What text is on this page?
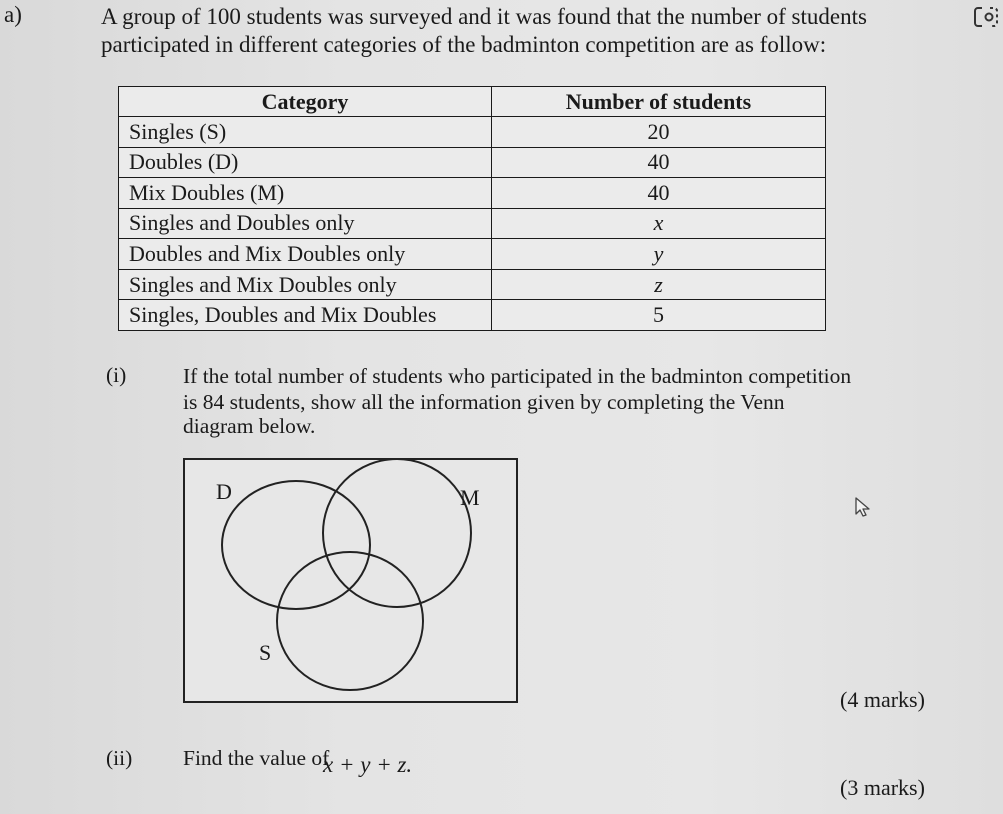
a)	A group of 100 students was surveyed and it was found that the number of students
participated in different categories of the badminton competition are as follow:
Category	Number of students
Singles (S)	20
Doubles (D)	40
Mix Doubles (M)	40
Singles and Doubles only	x
Doubles and Mix Doubles only	y
Singles and Mix Doubles only	z
Singles, Doubles and Mix Doubles	5
(i)	If the total number of students who participated in the badminton competition
is 84 students, show all the information given by completing the Venn
diagram below.
D	M
S
(4 marks)
(ii) Find the value of
x + y + z.
(3 marks)
